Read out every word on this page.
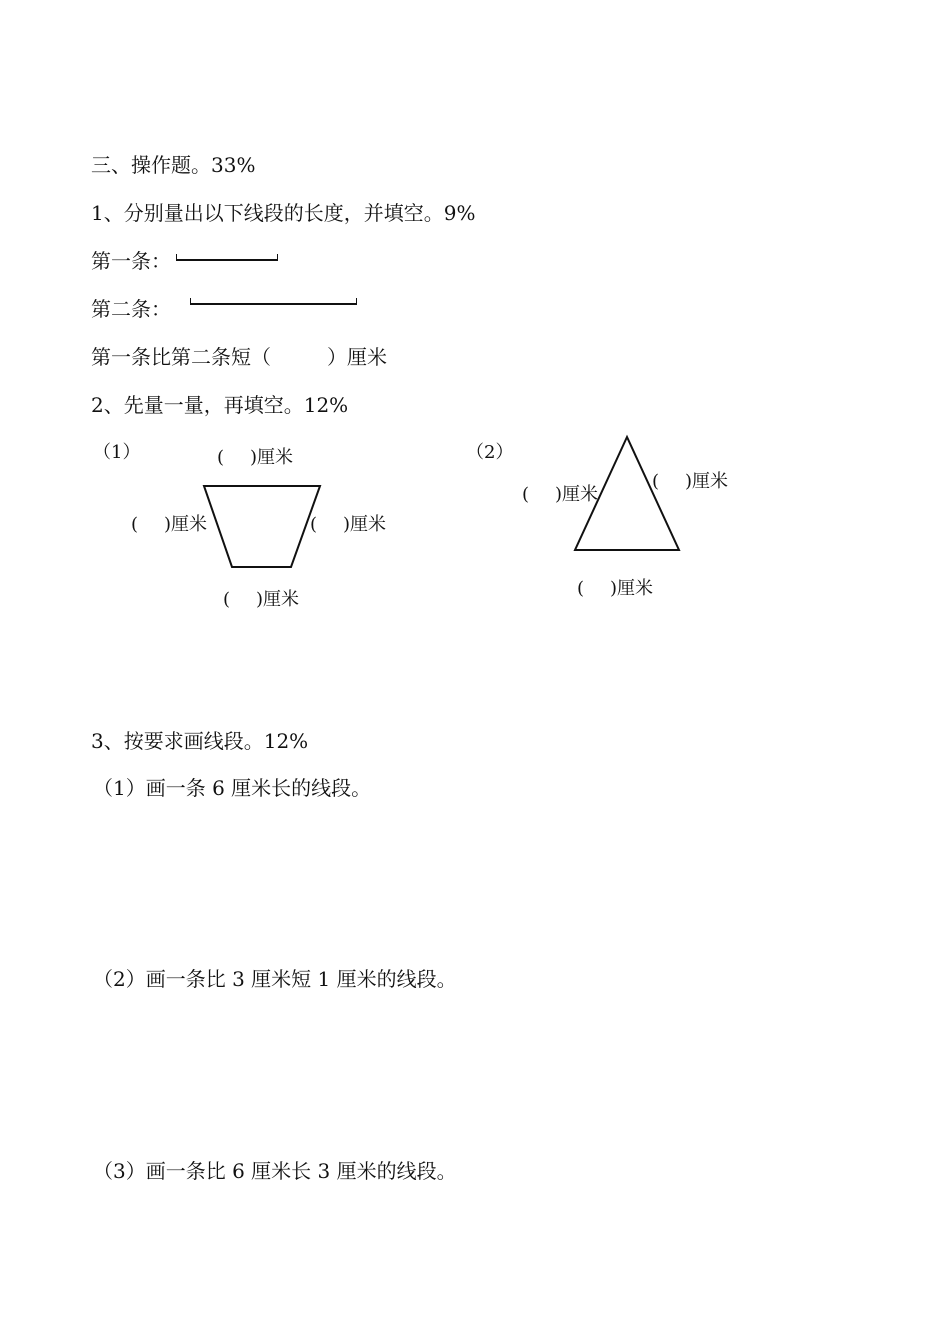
三、操作题。33%
1、分别量出以下线段的长度，并填空。9%
第一条：
第二条：
第一条比第二条短（	）厘米
2、先量一量，再填空。12%
（1）	（2）
( )厘米
( )厘米	( )厘米
( )厘米
( )厘米
( )厘米
( )厘米
3、按要求画线段。12%
（1）画一条 6 厘米长的线段。
（2）画一条比 3 厘米短 1 厘米的线段。
（3）画一条比 6 厘米长 3 厘米的线段。
